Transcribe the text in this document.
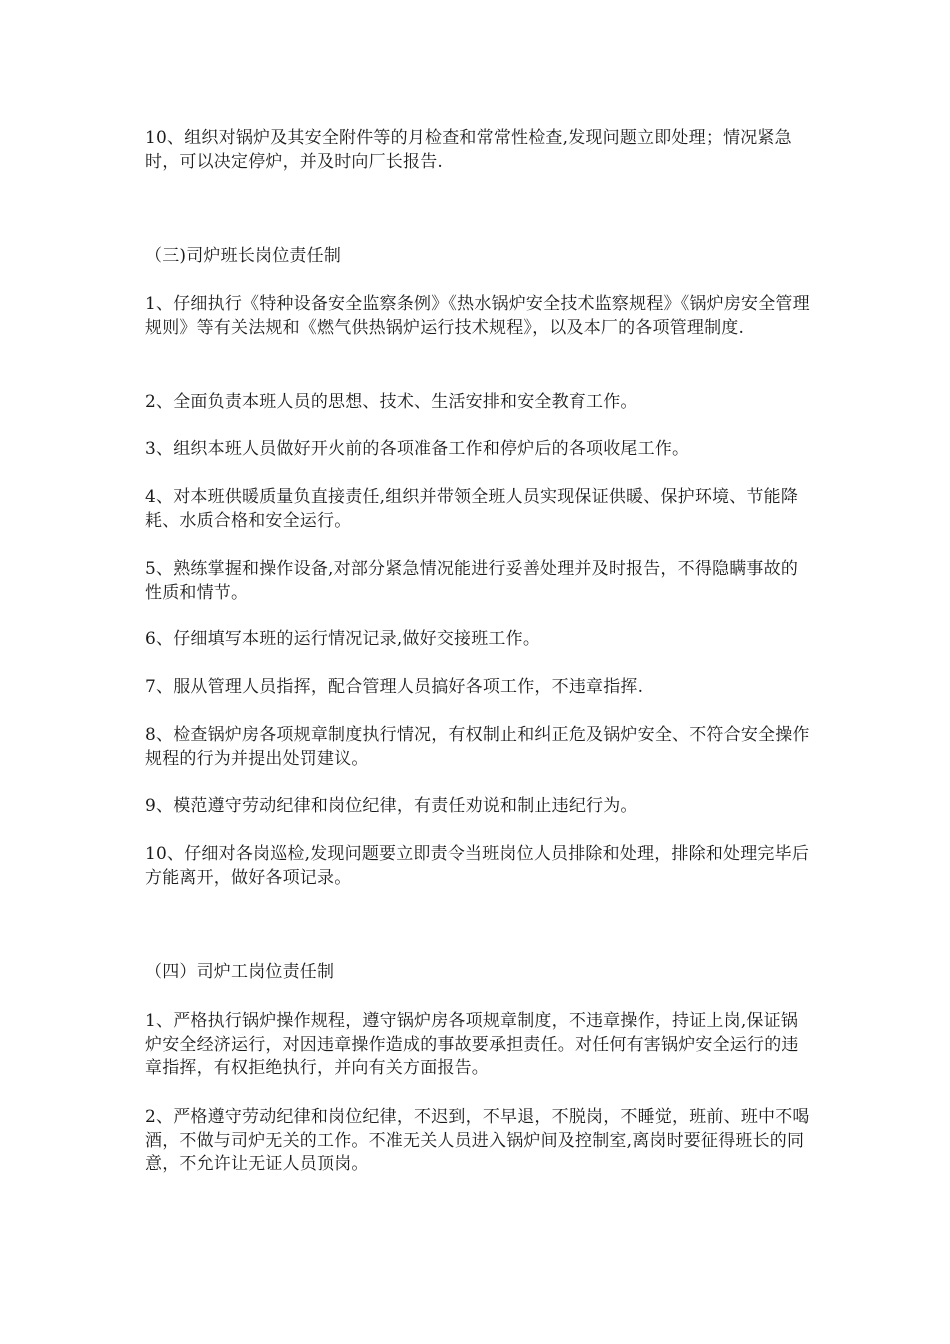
10、组织对锅炉及其安全附件等的月检查和常常性检查,发现问题立即处理；情况紧急时，可以决定停炉，并及时向厂长报告.

（三)司炉班长岗位责任制

1、仔细执行《特种设备安全监察条例》《热水锅炉安全技术监察规程》《锅炉房安全管理规则》等有关法规和《燃气供热锅炉运行技术规程》，以及本厂的各项管理制度.

2、全面负责本班人员的思想、技术、生活安排和安全教育工作。

3、组织本班人员做好开火前的各项准备工作和停炉后的各项收尾工作。

4、对本班供暖质量负直接责任,组织并带领全班人员实现保证供暖、保护环境、节能降耗、水质合格和安全运行。

5、熟练掌握和操作设备,对部分紧急情况能进行妥善处理并及时报告，不得隐瞒事故的性质和情节。

6、仔细填写本班的运行情况记录,做好交接班工作。

7、服从管理人员指挥，配合管理人员搞好各项工作，不违章指挥.

8、检查锅炉房各项规章制度执行情况，有权制止和纠正危及锅炉安全、不符合安全操作规程的行为并提出处罚建议。

9、模范遵守劳动纪律和岗位纪律，有责任劝说和制止违纪行为。

10、仔细对各岗巡检,发现问题要立即责令当班岗位人员排除和处理，排除和处理完毕后方能离开，做好各项记录。

（四）司炉工岗位责任制

1、严格执行锅炉操作规程，遵守锅炉房各项规章制度，不违章操作，持证上岗,保证锅炉安全经济运行，对因违章操作造成的事故要承担责任。对任何有害锅炉安全运行的违章指挥，有权拒绝执行，并向有关方面报告。

2、严格遵守劳动纪律和岗位纪律，不迟到，不早退，不脱岗，不睡觉，班前、班中不喝酒，不做与司炉无关的工作。不准无关人员进入锅炉间及控制室,离岗时要征得班长的同意，不允许让无证人员顶岗。
